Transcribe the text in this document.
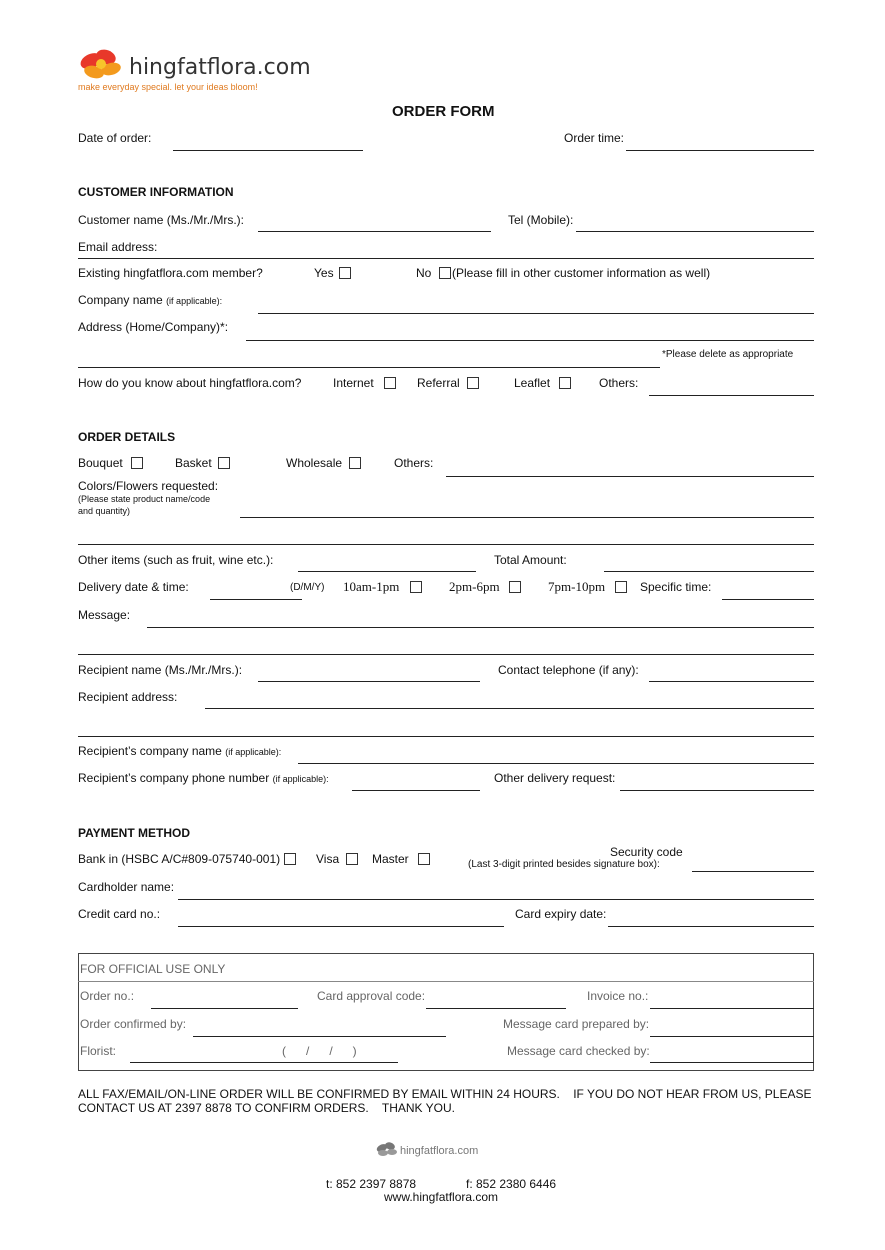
hingfatflora.com
make everyday special. let your ideas bloom!
ORDER FORM
Date of order:	Order time:
CUSTOMER INFORMATION
Customer name (Ms./Mr./Mrs.):	Tel (Mobile):
Email address:
Existing hingfatflora.com member?	Yes	No (Please fill in other customer information as well)
Company name (if applicable):
Address (Home/Company)*:
*Please delete as appropriate
How do you know about hingfatflora.com?	Internet	Referral	Leaflet	Others:
ORDER DETAILS
Bouquet	Basket	Wholesale	Others:
Colors/Flowers requested:
(Please state product name/code
and quantity)
Other items (such as fruit, wine etc.):	Total Amount:
Delivery date & time:	(D/M/Y) 10am-1pm	2pm-6pm	7pm-10pm	Specific time:
Message:
Recipient name (Ms./Mr./Mrs.):	Contact telephone (if any):
Recipient address:
Recipient’s company name (if applicable):
Recipient’s company phone number (if applicable):	Other delivery request:
PAYMENT METHOD
Bank in (HSBC A/C#809-075740-001)	Visa	Master	Security code
(Last 3-digit printed besides signature box):
Cardholder name:
Credit card no.:	Card expiry date:
FOR OFFICIAL USE ONLY
Order no.:	Card approval code:	Invoice no.:
Order confirmed by:	Message card prepared by:
Florist:	(      /      /      )	Message card checked by:
ALL FAX/EMAIL/ON-LINE ORDER WILL BE CONFIRMED BY EMAIL WITHIN 24 HOURS.    IF YOU DO NOT HEAR FROM US, PLEASE
CONTACT US AT 2397 8878 TO CONFIRM ORDERS.    THANK YOU.
hingfatflora.com
t: 852 2397 8878	f: 852 2380 6446
www.hingfatflora.com
